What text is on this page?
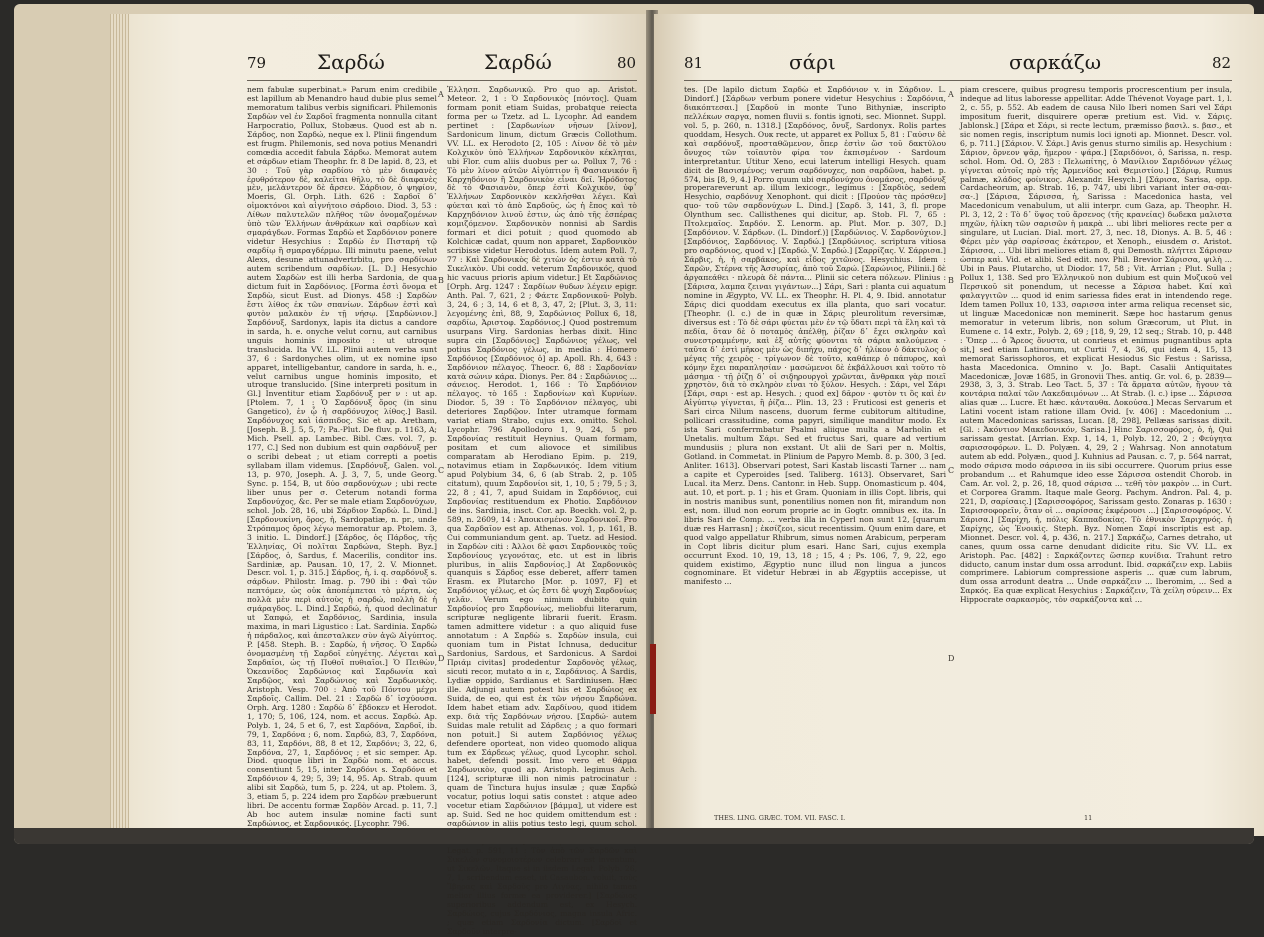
79	Σαρδώ	Σαρδώ	80

nem fabulæ superbinat.» Parum enim credibile est lapillum ab Menandro haud dubie plus semel memoratum talibus verbis significari. Philemonis Σαρδὼν vel ἐν Σαρδοῖ fragmenta nonnulla citant Harpocratio, Pollux, Stobæus. Quod est ab n. Σάρδος, non Σαρδώ, neque ex l. Plinii fingendum est frugm. Philemonis, sed nova potius Menandri comœdia accedit fabula Σάρδω. Memorat autem et σάρδων etiam Theophr. fr. 8 De lapid. 8, 23, et 30 : Τοῦ γὰρ σαρδίου τὸ μὲν διαφανὲς ἐρυθρότερον δὲ, καλεῖται θῆλυ, τὸ δὲ διαφανὲς μὲν, μελάντερον δὲ ἄρσεν. Σάρδιον, ὁ ψηφίον, Moeris, Gl. Orph. Lith. 626 : Σαρδοῖ δ᾽ οἰμοκτόνοι καὶ αἰγνήτοιο σάρδοιο. Diod. 3, 53 : Λίθων παλυτελῶν πλῆθος τῶν ὀνομαζομένων ὑπὸ τῶν Ἑλλήνων ἀνθράκων καὶ σαρδίων καὶ σμαράγδων. Formas Σαρδὼ et Σαρδόνιον ponere videtur Hesychius : Σαρδὼ ἐν Πισταρή τῷ σαρδίῳ ἢ σμαραγδέρμω. Illi minutu paene, velut Alexs, desune attunadvertrbitu, pro σαρδίνων autem scribendum σαρδίων. [L. D.] Hesychio autem Σαρδὼν est illi herba Sardonia, de qua dictum fuit in Σαρδόνιος. [Forma ἐστὶ ὄνομα et Σαρδὼ, sicut Eust. ad Dionys. 458 :] Σαρδὼν ἔστι λίθος ἐκ τῶν σπανίων. Σάρδων ἐστὶ καὶ φυτὸν μαλακὸν ἐν τῇ νήσῳ. [Σαρδὼνιον.] Σαρδόνυξ, Sardonyx, lapis ita dictus a candore in sarda, h. e. onyche velut cornu, aut carnibus unguis hominis imposito : ut utroque translucida. Ita VV. LL. Plinii autem verba sunt 37, 6 : Sardonyches olim, ut ex nomine ipso apparet, intelligebantur, candore in sarda, h. e., velut carnibus ungue hominis imposito, et utroque translucido. [Sine interpreti positum in Gl.] Inventitur etiam Σαρδόνυξ per ν : ut ap. [Ptolem. 7, 1 : Ὁ Σαρδόνυξ ὄρος (in sinu Gangetico), ἐν ᾧ ἡ σαρδόνυχος λίθος.] Basil. Σαρδόνυχος καὶ ἰάσπιδος. Sic et ap. Aretham, [Joseph. B. J. 5, 5, 7; Pa.-Plut. De fluv. p. 1163, A; Mich. Psell. ap. Lambec. Bibl. Cæs. vol. 7, p. 177, C.] Sed non dubium est quin σαρδόνυξ per o scribi debeat ; ut etiam correpti a poetis syllabam illam videmus. [Σαρδόνυξ, Galen. vol. 13, p. 970, Joseph. A. J. 3, 7, 5, unde Georg. Sync. p. 154, B, ut δύο σαρδονύχων ; ubi recte liber unus per σ. Ceterum notandi forma Σαρδονύχος, &c. Per se male etiam Σαρδονύχων, schol. Job. 28, 16, ubi Σάρδιον Σαρδώ. L. Dind.] [Σαρδονυκίνη, ὄρος, ἡ, Sardopatiæ, n. pr., unde Στρόπαμος ὄρος λέγω memoratur ap. Ptolem. 3, 3 initio. L. Dindorf.] [Σάρδος, ὁς Πάρδος, τῆς Ἑλληνίας, Οἱ πολῖται Σαρδώνα, Steph. Byz.] [Σάρδος, ὁ, Sardus, f. Macerilis, conditor ins. Sardiniæ, ap. Pausan. 10, 17, 2. V. Mionnet. Descr. vol. 1, p. 315.] Σάρδος, ἡ, i. q. σαρδόνυξ s. σάρδων. Philostr. Imag. p. 790 ibi : Φαὶ τῶν πεπτόμεν, ὡς οὐκ ἀποπέμπεται τὸ μέρτα, ὡς πολλὰ μὲν περὶ αὐτοὺς ἡ σαρδώ, πολλὴ δὲ ἡ σμάραγδος. L. Dind.] Σαρδώ, ἡ, quod declinatur ut Σαπφώ, et Σαρδόνιος, Sardinia, insula maxima, in mari Ligustico : Lat. Sardinia. Σαρδὼ ἡ πάρδαλος, καὶ ἀπεσταλκεν σὺν ἀγῶ Αἰγύπτος. P. [458. Steph. B. : Σαρδὼ, ἡ νῆσος. Ὁ Σαρδὼ ὀνομασμένη τῇ Σαρδοῖ εὐηγέτης. Λέγεται καὶ Σαρδαῖοι, ὡς τῇ Πυθοῖ πυθιαῖοι.] Ὁ Πειθὼν, Ὀκεανίδος Σαρδώνιος καὶ Σαρδωνία καὶ Σαρδῷος, καὶ Σαρδώνιος καὶ Σαρδωνικὸς. Aristoph. Vesp. 700 : Ἀπὸ τοῦ Πόντου μέχρι Σαρδοῖς. Callim. Del. 21 : Σαρδὼ δ᾽ ἰσχύουσα. Orph. Arg. 1280 : Σαρδὼ δ᾽ ἔβδοκεν et Herodot. 1, 170; 5, 106, 124, nom. et accus. Σαρδώ. Ap. Polyb. 1, 24, 5 et 6, 7, est Σαρδόνα, Σαρδοῖ, ib. 79, 1, Σαρδόνα ; 6, nom. Σαρδώ, 83, 7, Σαρδόνα, 83, 11, Σαρδόνι, 88, 8 et 12, Σαρδόνι; 3, 22, 6, Σαρδόνα, 27, 1, Σαρδόνος ; et sic semper. Ap. Diod. quoque libri in Σαρδὼ nom. et accus. consentiunt 5, 15, inter Σαρδόνι s. Σαρδόνα et Σαρδόνιον 4, 29; 5, 39; 14, 95. Ap. Strab. quum alibi sit Σαρδώ, tum 5, p. 224, ut ap. Ptolem. 3, 3, etiam 5, p. 224 idem pro Σαρδὼν præbuerunt libri. De accentu formæ Σαρδὸν Arcad. p. 11, 7.] Ab hoc autem insulæ nomine facti sunt Σαρδώνιος, et Σαρδονικός. [Lycophr. 796.

Ἐλλησπ. Σαρδωνικῷ. Pro quo ap. Aristot. Meteor. 2, 1 : Ὁ Σαρδονικὸς [πόντος]. Quam formam ponit etiam Suidas, probatque reiecta forma per ω Tzetz. ad L. Lycophr. Ad eandem pertinet : [Σαρδωνίων νῆσων [λίνον], Sardonicum linum, dictum Græcis Collothum. VV. LL. ex Herodoto [2, 105 : Λίνον δὲ τὸ μὲν Κολχικὸν ὑπὸ Ἑλλήνων Σαρδονικὸν κέκληται, ubi Flor. cum aliis duobus per ω. Pollux 7, 76 : Τὸ μὲν λίνον αὐτῶν Αἰγύπτιον ἢ Φασιανικόν ἢ Καρχηδόνιον ἢ Σαρδονικὸν εἶναι δεῖ. Ἠρόδοτος δὲ τὸ Φασιανὸν, ὅπερ ἐστὶ Κολχικὸν, ὑφ᾽ Ἑλλήνων Σαρδονικὸν κεκλῆσθαι λέγει. Καὶ φύεται καὶ τὸ ἀπὸ Σαρδοῦς, ὡς ἡ ἔπος καὶ τὸ Καρχηδόνιον λινοῦ ἐστιν, ὡς ἀπὸ τῆς ἐσπέρας κομιζόμενον. Σαρδονικὸν nonnisi ab Sardis formari et dici potuit ; quod quomodo ab Kolchicæ cadat, quum non apparet, Σαρδονικὸν scribisse videtur Herodotus. Idem autem Poll. 7, 77 : Καὶ Σαρδονικὸς δὲ χιτὼν ὁς ἐστιν κατὰ τὸ Σικελικὸν. Ubi codd. veterum Σαρδονικός, quod hic vacuus prioris apium videtur.] Et Σαρδώνιος [Orph. Arg. 1247 : Σαρδίων θυδων λέγειν epigr. Anth. Pal. 7, 621, 2 ; Φάετε Σαρδονικοῦ· Polyb. 3, 24, 6 ; 3, 14, 6 et 8, 3, 47, 2; [Plut. 3, 3, 11: λεγομένης ἐπὶ, 88, 9, Σαρδώνιος Pollux 6, 18, σαρδίω, Ἀριστοφ. Σαρδόνιος.] Quod postremum usurpans Virg. Sardonias herbas dixit. Hinc supra cin [Σαρδόνιος] Σαρδώνιος γέλως, vel potius Σαρδόνιος γέλως, in media : Homero Σαρδόνιος [Σαρδόνιος ὁ] ap. Apoll. Rh. 4, 643 : Σαρδόνιον πέλαγος. Theocr. 6, 88 : Σαρδονίαν κατὰ σώνιν κάρα. Dionys. Per. 84 : Σαρδώνιος ... σάνειος. Herodot. 1, 166 : Τὸ Σαρδόνιον πέλαγος. τὸ 165 : Σαρδονίων καὶ Κυρνίων. Diodor. 5, 39 : Τὸ Σαρδόνιον πέλαγος, ubi deteriores Σαρδῷον. Inter utramque formam variat etiam Strabo, cujus exx. omitto. Schol. Lycophr. 796 Apollodoro 1, 9, 24, 5 pro Σαρδονίας restituit Heynius. Quam formam, positam et cum aliovoce et similibus comparatam ab Herodiano Epim. p. 219, notavimus etiam in Σαρδωνικός. Idem vitium apud Polybium 34, 6, 6 (ab Strab. 2, p. 105 citatum), quum Σαρδονίοι sit, 1, 10, 5 ; 79, 5 ; 3, 22, 8 ; 41, 7, apud Suidam in Σαρδόνιος, cui Σαρδονίας restituendum ex Photio. Σαρδόνιον de ins. Sardinia, insct. Cor. ap. Boeckh. vol. 2, p. 589, n. 2609, 14 : Ἀποικισμένον Σαρδονικοῖ. Pro qua Σαρδαῖον est ap. Athenas. vol. 1, p. 161, B. Cui communiandum gent. ap. Tuetz. ad Hesiod. in Σαρδὼν citi : Ἀλλοι δὲ φασι Σαρδονικὸς τοῦς Σαρδονίους γεγονότας, etc. ut est in libris pluribus, in aliis Σαρδονίος.] At Σαρδονικὸς quanquis s Σάρδος esse deberet, afferr tamen Erasm. ex Plutarcho [Mor. p. 1097, F] et Σαρδόνιος γέλως, et ὡς ἔστι δὲ ψυχὴ Σαρδονίως γελᾶν. Verum ego nimium dubito quin Σαρδονίος pro Σαρδονίως, meliobfui literarum, scripturæ negligente librarii fuerit. Erasm. tamen admittere videtur : a quo aliquid fuse annotatum : A Σαρδὼ s. Σαρδὼν insula, cui quoniam tum in Pistat Ichnusa, deducitur Sardonius, Sardous, et Sardonicus. A Sardoi Πριάμ civitas] prodedentur Σαρδονὸς γέλως, sicuti recor, mutato α in ε, Σαρδάνιος. A Sardis, Lydiæ oppido, Sardianus et Sardiniusen. Hæc ille. Adjungi autem potest his et Σαρδώιος ex Suida, de eo, qui est ἐκ τῶν νήσου Σαρδώνα. Idem habet etiam adv. Σαρδίνου, quod itidem exp. διὰ τῆς Σαρδόνων νήσου. [Σαρδώ· autem Suidas male retulit ad Σάρδεις ; a quo formari non potuit.] Si autem Σαρδόνιος γέλως defendere oporteat, non video quomodo aliqua tum ex Σάρδεως γέλως, quod Lycophr. schol. habet, defendi possit. Imo vero et θάρμα Σαρδωνικὸν, quod ap. Aristoph. legimus Ach. [124], scripturæ illi non nimis patrocinatur : quam de Tinctura hujus insulæ ; quæ Σαρδώ vocatur, potius loqui satis constet : atque adeo vocetur etiam Σαρδώνιον [βάμμα], ut videre est ap. Suid. Sed ne hoc quidem omittendum est : σαρδώνιον in aliis potius testo legi, quum schol. Legat. p. 591, 11 : Τὸν ἀπὸ τῶν Σαρδῶν καὶ Σικελῶν συνομοιοτέρων celebrari est inventum, ut Σικελῶν. Itaque si in iisdem Legat. Polyb. 26, 7, 1, scribendum esset, ut Casaubon. voluit, τοὺς Ἴβηρας καὶ Σαρδοὺς pro Λιγύας, nihilo tamen melior illius formæ ea providerer.] [Σαρδώιος superioribus addendum est, ex Hesych. Σαρδώιος, cujus Σαρδόνιος, magna insula Afric. ; quæ etiam Σαρδονία dictum. [Σαρδοῖ et Σαρδοῦν interpre-

A
B
C
D
81	σάρι	σαρκάζω	82

tes. [De lapilo dictum Σαρδὼ et Σαρδόνιον v. in Σάρδιον. L. Dindorf.] [Σάρδων verbum ponere videtur Hesychius : Σαρδόνια, διακόπτεσαι.] [Σαρδοῦ in monte Tuno Bithyniæ, inscripto πελλέκων σαργα, nomen fluvii s. fontis ignoti, sec. Mionnet. Suppl. vol. 5, p. 260, n. 1318.] [Σαρδόνος, ὄνυξ, Sardonyx. Rolis partes quoddam, Hesych. Ουκ recte, ut apparet ex Pollux 5, 81 : Γαύσιν δὲ καὶ σαρδόνυξ, προσταθῶμενον, ὅπερ ἐστὶν ὥσ τοῦ δακτύλου ὄνυχος τῶν τοῖαυτὸν φίρα τον ἐκπισμένον · Sardoum interpretantur. Utitur Xeno, ecui laterum intelligi Hesych. quam dicit de Βασισμένος; verum σαρδόνυχες, non σαρδῶνα, habet. p. 574, bis [8, 9, 4.] Porro quum ubi σαρδονύχου ὀνομάσος, σαρδόνυξ properareverunt ap. illum lexicogr., legimus : [Σαρδιὸς, sedem Hesychio, σαρδόνυχ Xenophont. qui dicit : [Προύον τὰς πρόσθεν] quo- τοῦ τῶν σαρδονύχων L. Dind.] [Σαρδ. 3, 141, 3, fl. prope Olynthum sec. Callisthenes qui dicitur, ap. Stob. Fl. 7, 65 : Πτολεμαῖος. Σαρδόν. Σ. Lenorm. ap. Plut. Mor. p. 307, D.] [Σαρδόνιον. V. Σάρδων. (L. Dindorf.)] [Σαρδώνιος. V. Σαρδονύχιον.] [Σαρδόνιος, Σαρδόνιος. V. Σαρδώ.] [Σαρδώνιος. scriptura vitiosa pro σαρδόνιος, quod v.] [Σαρδώ. V. Σαρδώ.] [Σαρρίζας. V. Σάρρισα.] Σάρβις, ἡ, ἡ σαρβάκος, καὶ εἶδος χιτῶνος. Hesychius. Idem : Σαρῶν, Στέρνα τῆς Ἀσσυρίας, ἀπὸ τοῦ Σαρώ. [Σαρώνιος, Pilinii.] δὲ ἀργαπεάθει · πλευρὰ δὲ πάντα... Plinii sic cetera πόλεων. Plinius : [Σάρισα, λαμπα ζειναι γιγάντων...] Σάρι, Sari : planta cui aquatum nomine in Ægypto, VV. LL. ex Theophr. H. Pl. 4, 9. Ibid. annotatur Σάρις dici quoddam executus ex illa planta, quo sari vocatur. [Theophr. (l. c.) de in quæ in Σάρις pleurolitum reversimæ, diversus est : Τὸ δὲ σάρι φύεται μὲν ἐν τῷ ὕδατι περὶ τὰ ἕλη καὶ τὰ πεδία, ὅταν δὲ ὁ ποταμὸς ἀπέλθῃ, ῥίζαν δ᾽ ἔχει σκληρὰν καὶ συνεστραμμένην, καὶ ἐξ αὐτῆς φύονται τὰ σάρια καλούμενα · ταῦτα δ᾽ ἐστὶ μῆκος μὲν ὡς διπήχυ, πάχος δ᾽ ἡλίκον ὁ δάκτυλος ὁ μέγας τῆς χειρὸς · τρίγωνον δὲ τοῦτο, καθάπερ ὁ πάπυρος, καὶ κόμην ἔχει παραπλησίαν · μασώμενοι δὲ ἐκβάλλουσι καὶ τοῦτο τὸ μάσημα · τῇ ῥίζῃ δ᾽ οἱ σιδηρουργοὶ χρῶνται, ἄνθρακα γὰρ ποιεῖ χρηστὸν, διὰ τὸ σκληρὸν εἶναι τὸ ξύλον. Hesych. : Σάρι, vel Σάρι [Σάρι, σαρι · est ap. Hesych. ; quod ex] δᾶρον · φυτὸν τι ὃς καὶ ἐν Αἰγύπτῳ γίγνεται, ἢ ῥίζα... Plin. 13, 23 : Fruticosi est generis et Sari circa Nilum nascens, duorum ferme cubitorum altitudine, pollicari crassitudine, coma papyri, similique manditur modo. Ex ista Sari conferrmbatur Psalmi aliique multa a Marholin et Unetalis. multum Σάρι. Sed et fructus Sari, quare ad vertium mundusiis ; plura non exstant. Ut alii de Sari per n. Moltis, Gotland. in Commetat. in Plinium de Papyro Memb. 8. p. 300, 3 [ed. Anliter. 1613]. Observari potest, Sari Kastab liscasti Tarner ... nam a capite et Cyperoides [sed. Taliberg. 1613]. Observaret, Sari Lucal. ita Merz. Dens. Cantonr. in Heb. Supp. Onomasticum p. 404, aut. 10, et port. p. 1 ; his et Gram. Quoniam in illis Copt. libris, qui in nostris manibus sunt, ponentilius nomen non fit, mirandum non est, nom. illud non eorum proprie ac in Gogtr. omnibus ex. ita. In libris Sari de Comp. ... verba illa in Cyperl non sunt 12, [quarum duæ res Harrasn] ; ἐκσίζεοι, sicut recentissim. Quum enim dare, et quod valgo appellatur Rhibrum, simus nomen Arabicum, perperam in Copt libris dicitur plum esari. Hanc Sari, cujus exempla occurrunt Exod. 10, 19, 13, 18 ; 15, 4 ; Ps. 106, 7, 9, 22, ego quidem existimo, Ægyptio nunc illud non lingua a juncos cognominare. Et videtur Hebræi in ab Ægyptiis accepisse, ut manifesto ...

piam crescere, quibus progresu temporis procrescentium per insula, indeque ad litus laboresse appellitar. Adde Thévenot Voyage part. 1, l. 2, c. 55, p. 552. Ab eadem de causa Nilo Iberi nomen Sari vel Σάρι impositum fuerit, disquirere operæ pretium est. Vid. v. Σάρις. Jablonsk.] [Σάρα et Σάρι, si recte lectum, præmisso βασιλ. s. βασ., et sic nomen regis, inscriptum numis loci ignoti ap. Mionnet. Descr. vol. 6, p. 711.] [Σάριον. V. Σάρι.] Avis genus sturno similis ap. Hesychium : Σάριον, ὄρνεον ψᾶρ, ἥμερον · ψάρα.] [Σαριδόνοι, ὁ, Sarissa, n. resp. schol. Hom. Od. O, 283 : Πελωπίτης, ὁ Μανίλιον Σαριδόνων γέλως γίγνεται αὐτοῖς πρὸ τῆς Ἀρμενίδος καὶ Θεμιστίου.] [Σάριφ, Rumus palmæ, κλάδος φοίνικος. Alexandr. Hesych.] [Σάρισα, Sarisa, opp. Cardacheorum, ap. Strab. 16, p. 747, ubi libri variant inter σα-σαι-σα-.] [Σάρισα, Σάρισσα, ἡ, Sarissa : Macedonica hasta, vel Macedonicum venabulum, ut alii interpr. cum Gaza, ap. Theophr. H. Pl. 3, 12, 2 : Τὸ δ᾽ ὕψος τοῦ ἄρσενος (τῆς κρανείας) δωδεκα μαλιστα πηχῶν, ἡλίκη τῶν σαρισῶν ἡ μακρὰ ... ubi libri meliores recte per α singulare, ut Lucian. Dial. mort. 27, 3, nec. 18, Dionys. A. B. 5, 46 : Φέρει μὲν γὰρ σαρίσσας ἑκάτερον, et Xenoph., eiusdem σ. Aristot. Σάρισσα, ... Ubi libri meliores etiam 8, qui Demosth. πλήττει Σάρισαν ὡσπερ καὶ. Vid. et alibi. Sed edit. nov. Phil. Brevior Σάρισσα, ψιλὴ ... Ubi in Paus. Plutarcho, ut Diodor. 17, 58 ; Vit. Arrian ; Plut. Sulla ; Pollux 1, 138. Sed pro Ἑλληνικοῦ non dubium est quin Μυζικοῦ vel Περσικοῦ sit ponendum, ut necesse a Σάρισα habet. Καί καὶ φαλαγγιτῶν ... quod id enim sariessa fides erat in intendendo rege. Idem tamen Pollux 10, 133, σαρισσα inter arma reliqua recenset sic, ut linguæ Macedonicæ non meminerit. Sæpe hoc hastarum genus memoratur in veterum libris, non solum Græcorum, ut Plut. in Eumene c. 14 extr., Polyb. 2, 69 ; [18, 9, 29, 12 seq.; Strab. 10, p. 448 : Ὅπερ ... ὁ Ἄρεος ὄνυστα, ut conrieus et enimus pugnantibus apta sit,] sed etiam Latinorum, ut Curtii 7, 4, 36, qui idem 4, 15, 13 memorat Sarissophoros, et explicat Hesiodus Sic Festus : Sarissa, hasta Macedonica. Omnino v. Jo. Bapt. Casalii Antiquitates Macedonicæ, Jovæ 1685, in Gronovii Thes. antiq. Gr. vol. 6, p. 2839—2938, 3, 3, 3. Strab. Leo Tact. 5, 37 : Τὰ ἄρματα αὐτῶν, ἤγουν τὰ κοντάρια παλαί τῶν Λακεδαιμόνων ... At Strab. (l. c.) ipse ... Σάρισσα alias quæ ... Lucre. Et hæc. κἀνταυθα. Δοκούσα.] Mecas Servarum et Latini vocent istam ratione illam Ovid. [v. 406] : Macedonium ... autem Macedonicas sarissas, Lucan. [8, 298], Pellæas sarissas dixit. [Gl. : Ἀκόντιον Μακεδονικόν, Sarisa.] Hinc Σαρισσοφόρος, ὁ, ἡ, Qui sarissam gestat. [Arrian. Exp. 1, 14, 1, Polyb. 12, 20, 2 ; Φεύγητα σαρισσοφόρων. L. D. Polyæn. 4, 29, 2 ; Wahrsag. Non annotatum autem ab edd. Polyæn., quod J. Kuhnius ad Pausan. c. 7, p. 564 narrat, modo σάρισα modo σάρισσα in iis sibi occurrere. Quorum prius esse probandum ... et Rahumque ideo esse Σάρισσα ostendit Chorob. in Cam. Ar. vol. 2, p. 26, 18, quod σάρισα ... τεθῆ τὸν μακρὸν ... in Curt. et Corporea Gramm. Itaque male Georg. Pachym. Andron. Pal. 4, p. 221, D, σαρίσαις.] [Σαρισσοφόρος, Sarissam gesto. Zonaras p. 1630 : Σαρισσοφορεῖν, ὅταν οἱ ... σαρίσσας ἐκφέρουσι ...] [Σαρισσοφόρος. V. Σάρισα.] [Σαρίχη, ἡ, πόλις Καππαδοκίας. Τὸ ἐθνικὸν Σαριχηνός. ἡ Σαρίχης, ὡς Ἐνοικὶς. Steph. Byz. Nomen Σαρί inscriptis est ap. Mionnet. Descr. vol. 4, p. 436, n. 217.] Σαρκάζω, Carnes detraho, ut canes, quum ossa carne denudant didicite ritu. Sic VV. LL. ex Aristoph. Pac. [482] : Σαρκάζοντες ὥσπερ κυνίδια. Trahunt retro diducto, canum instar dum ossa arrodunt. Ibid. σαρκάζειν exp. Labiis comprimere. Labiorum compressione asperis ... quæ cum labrum, dum ossa arrodunt deatra ... Unde σαρκάζειν ... Iberomim, ... Sed a Σαρκός. Ea quæ explicat Hesychius : Σαρκάζειν, Τὰ χείλη σύρειν... Ex Hippocrate σαρκασμὸς, τὸν σαρκάζοντα καὶ ...

A
B
C
D
THES. LING. GRÆC. TOM. VII. FASC. I.	11
